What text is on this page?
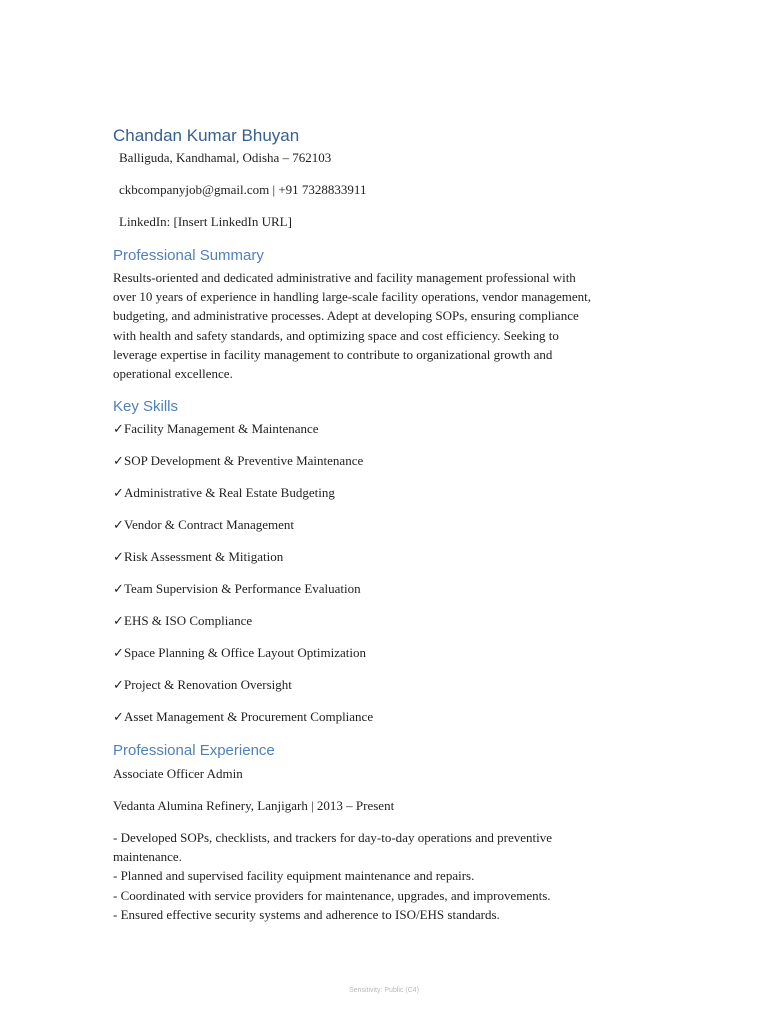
Chandan Kumar Bhuyan

Balliguda, Kandhamal, Odisha – 762103

ckbcompanyjob@gmail.com | +91 7328833911

LinkedIn: [Insert LinkedIn URL]

Professional Summary
Results-oriented and dedicated administrative and facility management professional with
over 10 years of experience in handling large-scale facility operations, vendor management,
budgeting, and administrative processes. Adept at developing SOPs, ensuring compliance
with health and safety standards, and optimizing space and cost efficiency. Seeking to
leverage expertise in facility management to contribute to organizational growth and
operational excellence.
Key Skills
✓Facility Management & Maintenance
✓SOP Development & Preventive Maintenance
✓Administrative & Real Estate Budgeting
✓Vendor & Contract Management
✓Risk Assessment & Mitigation
✓Team Supervision & Performance Evaluation
✓EHS & ISO Compliance
✓Space Planning & Office Layout Optimization
✓Project & Renovation Oversight
✓Asset Management & Procurement Compliance
Professional Experience

Associate Officer Admin

Vedanta Alumina Refinery, Lanjigarh | 2013 – Present

- Developed SOPs, checklists, and trackers for day-to-day operations and preventive
maintenance.
- Planned and supervised facility equipment maintenance and repairs.
- Coordinated with service providers for maintenance, upgrades, and improvements.
- Ensured effective security systems and adherence to ISO/EHS standards.
Sensitivity: Public (C4)
